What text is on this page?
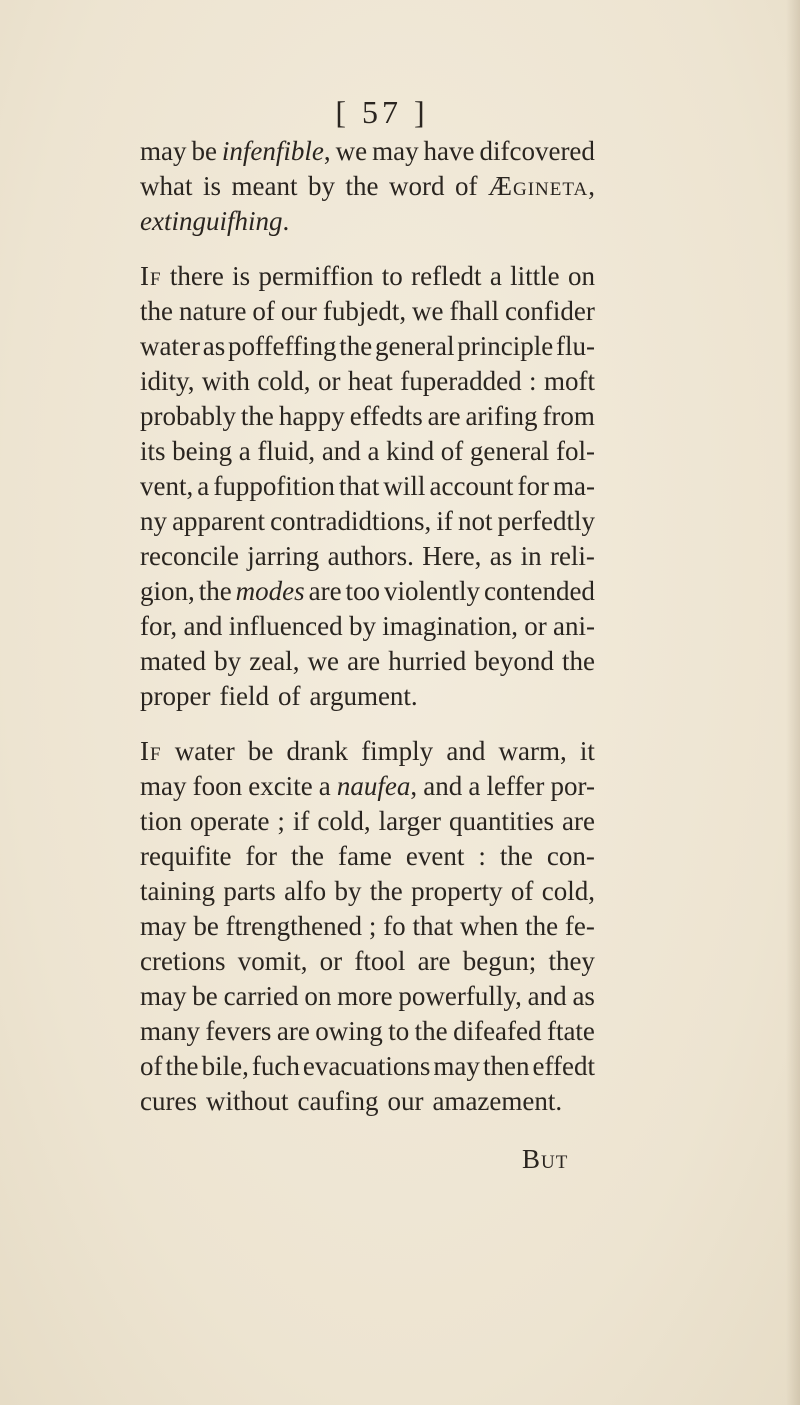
[ 57 ]
may be infenfible, we may have difcovered
what is meant by the word of Ægineta,
extinguifhing.
If there is permiffion to refledt a little on
the nature of our fubjedt, we fhall confider
water as poffeffing the general principle flu-
idity, with cold, or heat fuperadded : moft
probably the happy effedts are arifing from
its being a fluid, and a kind of general fol-
vent, a fuppofition that will account for ma-
ny apparent contradidtions, if not perfedtly
reconcile jarring authors. Here, as in reli-
gion, the modes are too violently contended
for, and influenced by imagination, or ani-
mated by zeal, we are hurried beyond the
proper field of argument.
If water be drank fimply and warm, it
may foon excite a naufea, and a leffer por-
tion operate ; if cold, larger quantities are
requifite for the fame event : the con-
taining parts alfo by the property of cold,
may be ftrengthened ; fo that when the fe-
cretions vomit, or ftool are begun; they
may be carried on more powerfully, and as
many fevers are owing to the difeafed ftate
of the bile, fuch evacuations may then effedt
cures without caufing our amazement.
But
